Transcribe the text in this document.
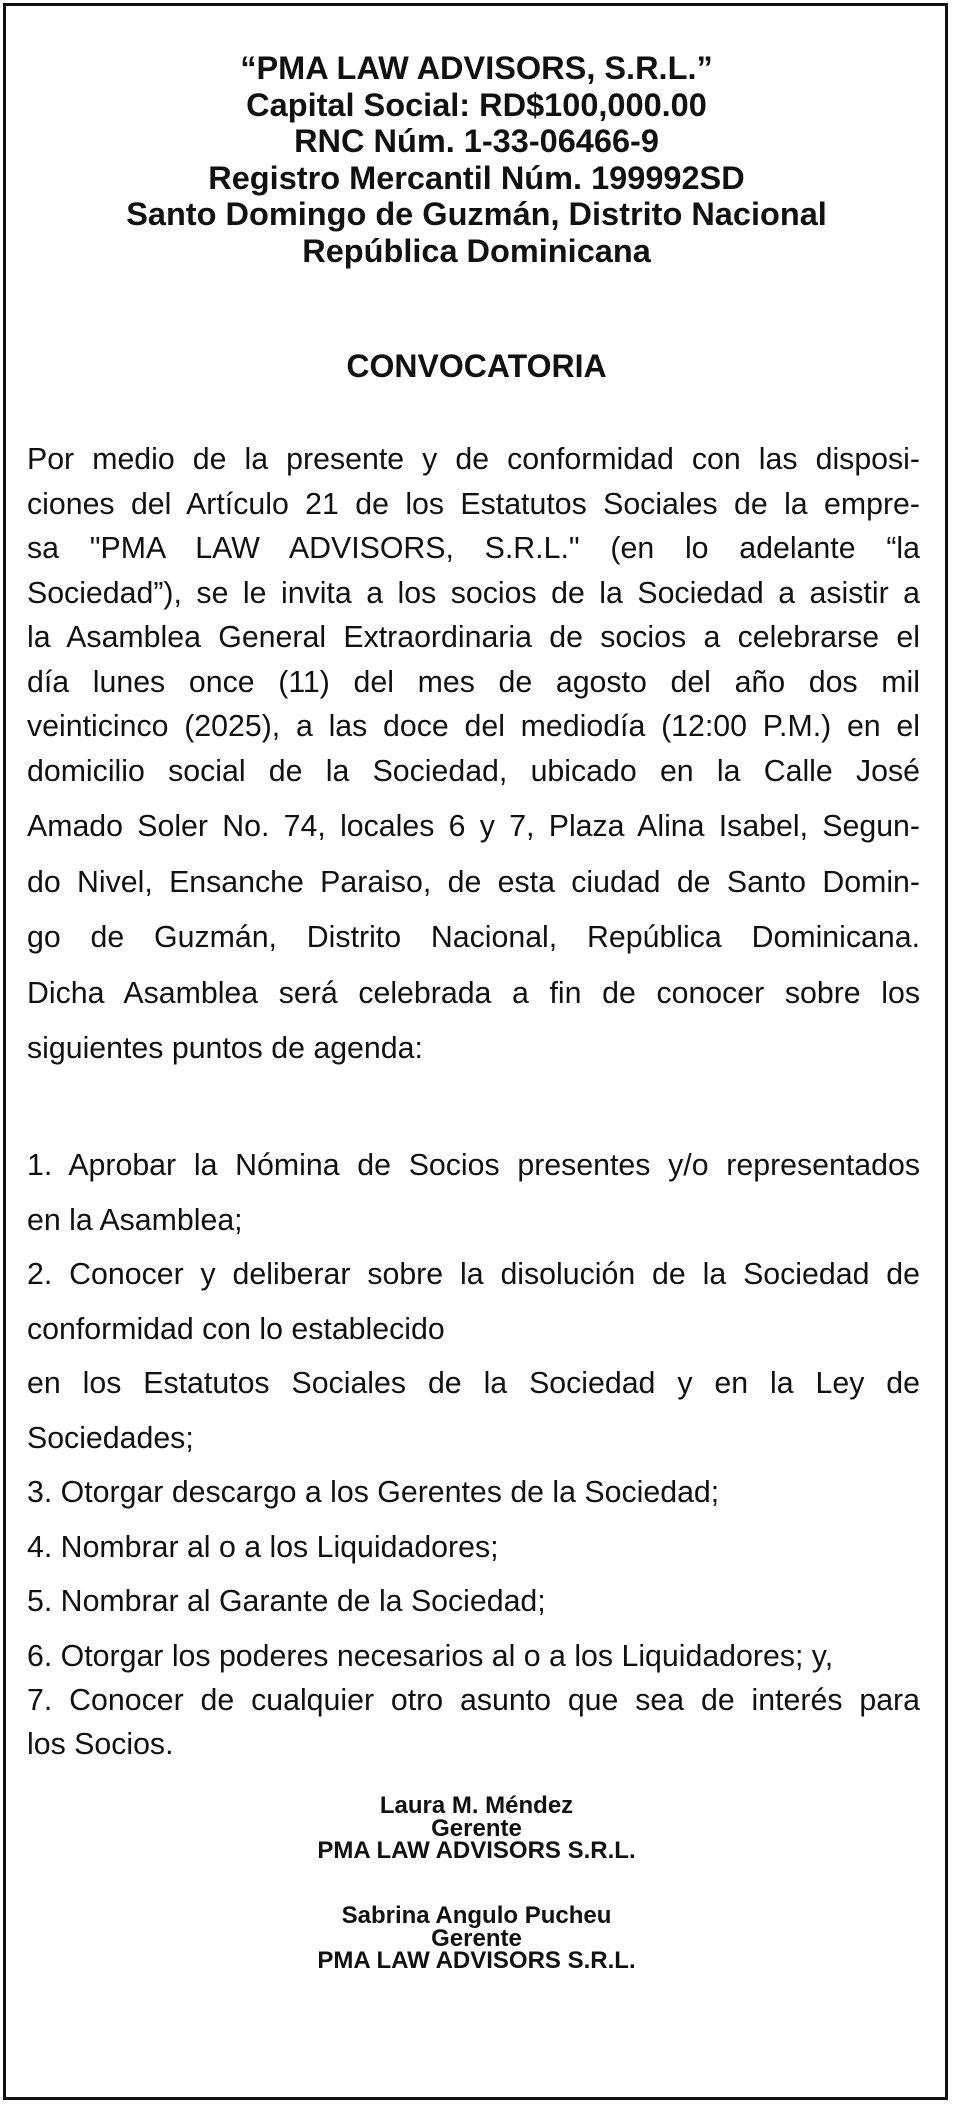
“PMA LAW ADVISORS, S.R.L.”
Capital Social: RD$100,000.00
RNC Núm. 1-33-06466-9
Registro Mercantil Núm. 199992SD
Santo Domingo de Guzmán, Distrito Nacional
República Dominicana
CONVOCATORIA
Por medio de la presente y de conformidad con las disposi-
ciones del Artículo 21 de los Estatutos Sociales de la empre-
sa "PMA LAW ADVISORS, S.R.L." (en lo adelante “la
Sociedad”), se le invita a los socios de la Sociedad a asistir a
la Asamblea General Extraordinaria de socios a celebrarse el
día lunes once (11) del mes de agosto del año dos mil
veinticinco (2025), a las doce del mediodía (12:00 P.M.) en el
domicilio social de la Sociedad, ubicado en la Calle José
Amado Soler No. 74, locales 6 y 7, Plaza Alina Isabel, Segun-
do Nivel, Ensanche Paraiso, de esta ciudad de Santo Domin-
go de Guzmán, Distrito Nacional, República Dominicana.
Dicha Asamblea será celebrada a fin de conocer sobre los
siguientes puntos de agenda:
1. Aprobar la Nómina de Socios presentes y/o representados
en la Asamblea;
2. Conocer y deliberar sobre la disolución de la Sociedad de
conformidad con lo establecido
en los Estatutos Sociales de la Sociedad y en la Ley de
Sociedades;
3. Otorgar descargo a los Gerentes de la Sociedad;
4. Nombrar al o a los Liquidadores;
5. Nombrar al Garante de la Sociedad;
6. Otorgar los poderes necesarios al o a los Liquidadores; y,
7. Conocer de cualquier otro asunto que sea de interés para
los Socios.
Laura M. Méndez
Gerente
PMA LAW ADVISORS S.R.L.
Sabrina Angulo Pucheu
Gerente
PMA LAW ADVISORS S.R.L.
